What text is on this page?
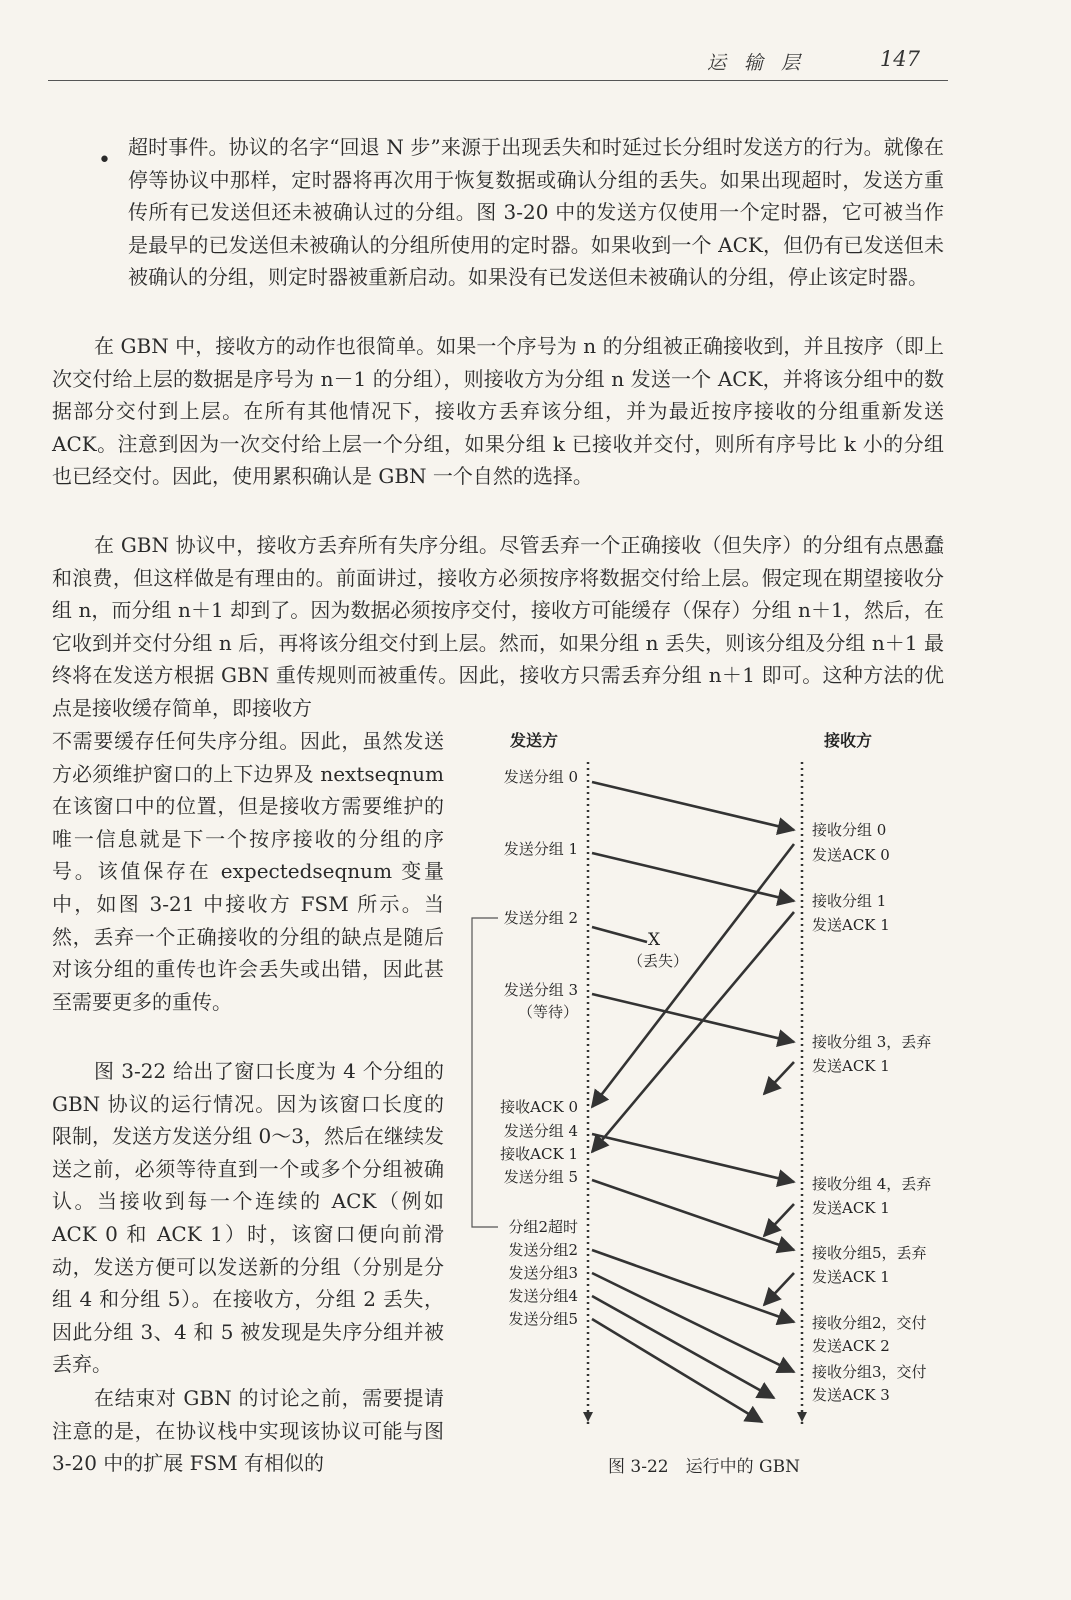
运输层	147
•

超时事件。协议的名字“回退 N 步”来源于出现丢失和时延过长分组时发送方的行为。就像在停等协议中那样，定时器将再次用于恢复数据或确认分组的丢失。如果出现超时，发送方重传所有已发送但还未被确认过的分组。图 3-20 中的发送方仅使用一个定时器，它可被当作是最早的已发送但未被确认的分组所使用的定时器。如果收到一个 ACK，但仍有已发送但未被确认的分组，则定时器被重新启动。如果没有已发送但未被确认的分组，停止该定时器。

在 GBN 中，接收方的动作也很简单。如果一个序号为 n 的分组被正确接收到，并且按序（即上次交付给上层的数据是序号为 n－1 的分组），则接收方为分组 n 发送一个 ACK，并将该分组中的数据部分交付到上层。在所有其他情况下，接收方丢弃该分组，并为最近按序接收的分组重新发送 ACK。注意到因为一次交付给上层一个分组，如果分组 k 已接收并交付，则所有序号比 k 小的分组也已经交付。因此，使用累积确认是 GBN 一个自然的选择。

在 GBN 协议中，接收方丢弃所有失序分组。尽管丢弃一个正确接收（但失序）的分组有点愚蠢和浪费，但这样做是有理由的。前面讲过，接收方必须按序将数据交付给上层。假定现在期望接收分组 n，而分组 n＋1 却到了。因为数据必须按序交付，接收方可能缓存（保存）分组 n＋1，然后，在它收到并交付分组 n 后，再将该分组交付到上层。然而，如果分组 n 丢失，则该分组及分组 n＋1 最终将在发送方根据 GBN 重传规则而被重传。因此，接收方只需丢弃分组 n＋1 即可。这种方法的优点是接收缓存简单，即接收方

不需要缓存任何失序分组。因此，虽然发送方必须维护窗口的上下边界及 nextseqnum 在该窗口中的位置，但是接收方需要维护的唯一信息就是下一个按序接收的分组的序号。该值保存在 expectedseqnum 变量中，如图 3-21 中接收方 FSM 所示。当然，丢弃一个正确接收的分组的缺点是随后对该分组的重传也许会丢失或出错，因此甚至需要更多的重传。

图 3-22 给出了窗口长度为 4 个分组的 GBN 协议的运行情况。因为该窗口长度的限制，发送方发送分组 0～3，然后在继续发送之前，必须等待直到一个或多个分组被确认。当接收到每一个连续的 ACK（例如 ACK 0 和 ACK 1）时，该窗口便向前滑动，发送方便可以发送新的分组（分别是分组 4 和分组 5）。在接收方，分组 2 丢失，因此分组 3、4 和 5 被发现是失序分组并被丢弃。

在结束对 GBN 的讨论之前，需要提请注意的是，在协议栈中实现该协议可能与图 3-20 中的扩展 FSM 有相似的

发送方	接收方
X
（丢失）
发送分组 0
发送分组 1
发送分组 2
发送分组 3
（等待）
接收ACK 0
发送分组 4
接收ACK 1
发送分组 5
分组2超时
发送分组2
发送分组3
发送分组4
发送分组5
接收分组 0
发送ACK 0
接收分组 1
发送ACK 1
接收分组 3，丢弃
发送ACK 1
接收分组 4，丢弃
发送ACK 1
接收分组5，丢弃
发送ACK 1
接收分组2，交付
发送ACK 2
接收分组3，交付
发送ACK 3
图 3-22　运行中的 GBN
